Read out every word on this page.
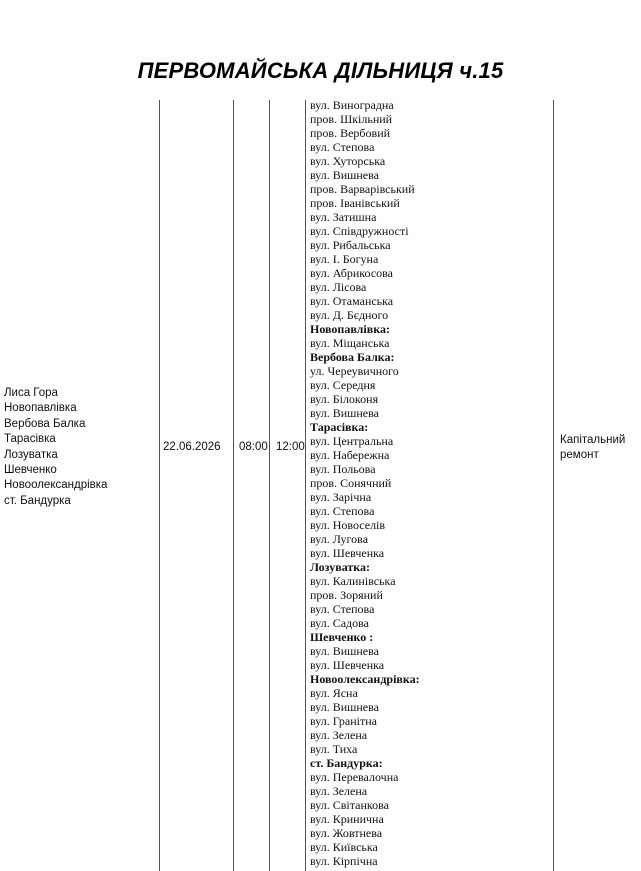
ПЕРВОМАЙСЬКА ДІЛЬНИЦЯ ч.15
Лиса Гора
Новопавлівка
Вербова Балка
Тарасівка
Лозуватка
Шевченко
Новоолександрівка
ст. Бандурка
22.06.2026 08:00 12:00
Капітальний
ремонт
вул. Виноградна
пров. Шкільний
пров. Вербовий
вул. Степова
вул. Хуторська
вул. Вишнева
пров. Варварівський
пров. Іванівський
вул. Затишна
вул. Співдружності
вул. Рибальська
вул. І. Богуна
вул. Абрикосова
вул. Лісова
вул. Отаманська
вул. Д. Бєдного
Новопавлівка:
вул. Міщанська
Вербова Балка:
ул. Череувичного
вул. Середня
вул. Білоконя
вул. Вишнева
Тарасівка:
вул. Центральна
вул. Набережна
вул. Польова
пров. Сонячний
вул. Зарічна
вул. Степова
вул. Новоселів
вул. Лугова
вул. Шевченка
Лозуватка:
вул. Калинівська
пров. Зоряний
вул. Степова
вул. Садова
Шевченко :
вул. Вишнева
вул. Шевченка
Новоолександрівка:
вул. Ясна
вул. Вишнева
вул. Гранітна
вул. Зелена
вул. Тиха
ст. Бандурка:
вул. Перевалочна
вул. Зелена
вул. Світанкова
вул. Кринична
вул. Жовтнева
вул. Київська
вул. Кірпічна
